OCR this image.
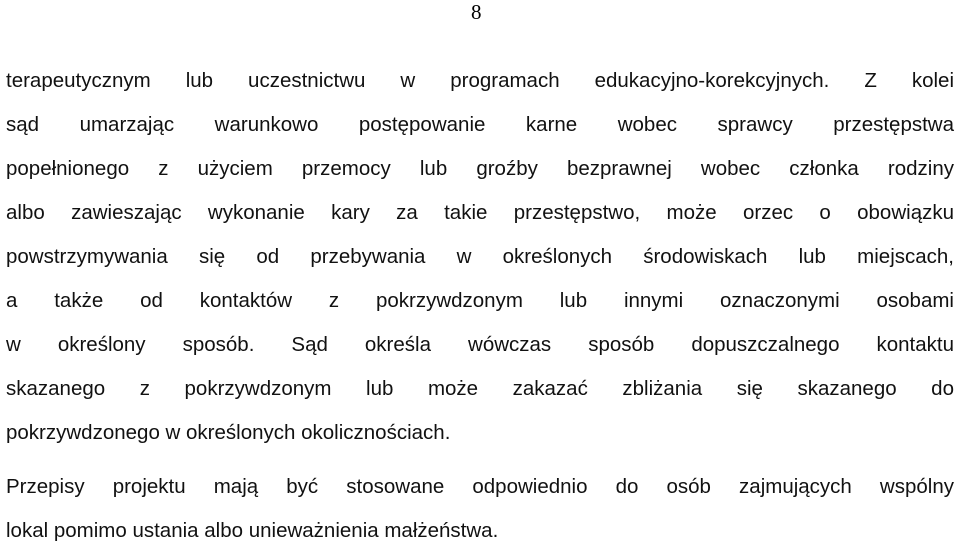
8
terapeutycznym lub uczestnictwu w programach edukacyjno-korekcyjnych. Z kolei
sąd umarzając warunkowo postępowanie karne wobec sprawcy przestępstwa
popełnionego z użyciem przemocy lub groźby bezprawnej wobec członka rodziny
albo zawieszając wykonanie kary za takie przestępstwo, może orzec o obowiązku
powstrzymywania się od przebywania w określonych środowiskach lub miejscach,
a także od kontaktów z pokrzywdzonym lub innymi oznaczonymi osobami
w określony sposób. Sąd określa wówczas sposób dopuszczalnego kontaktu
skazanego z pokrzywdzonym lub może zakazać zbliżania się skazanego do
pokrzywdzonego w określonych okolicznościach.
Przepisy projektu mają być stosowane odpowiednio do osób zajmujących wspólny
lokal pomimo ustania albo unieważnienia małżeństwa.
